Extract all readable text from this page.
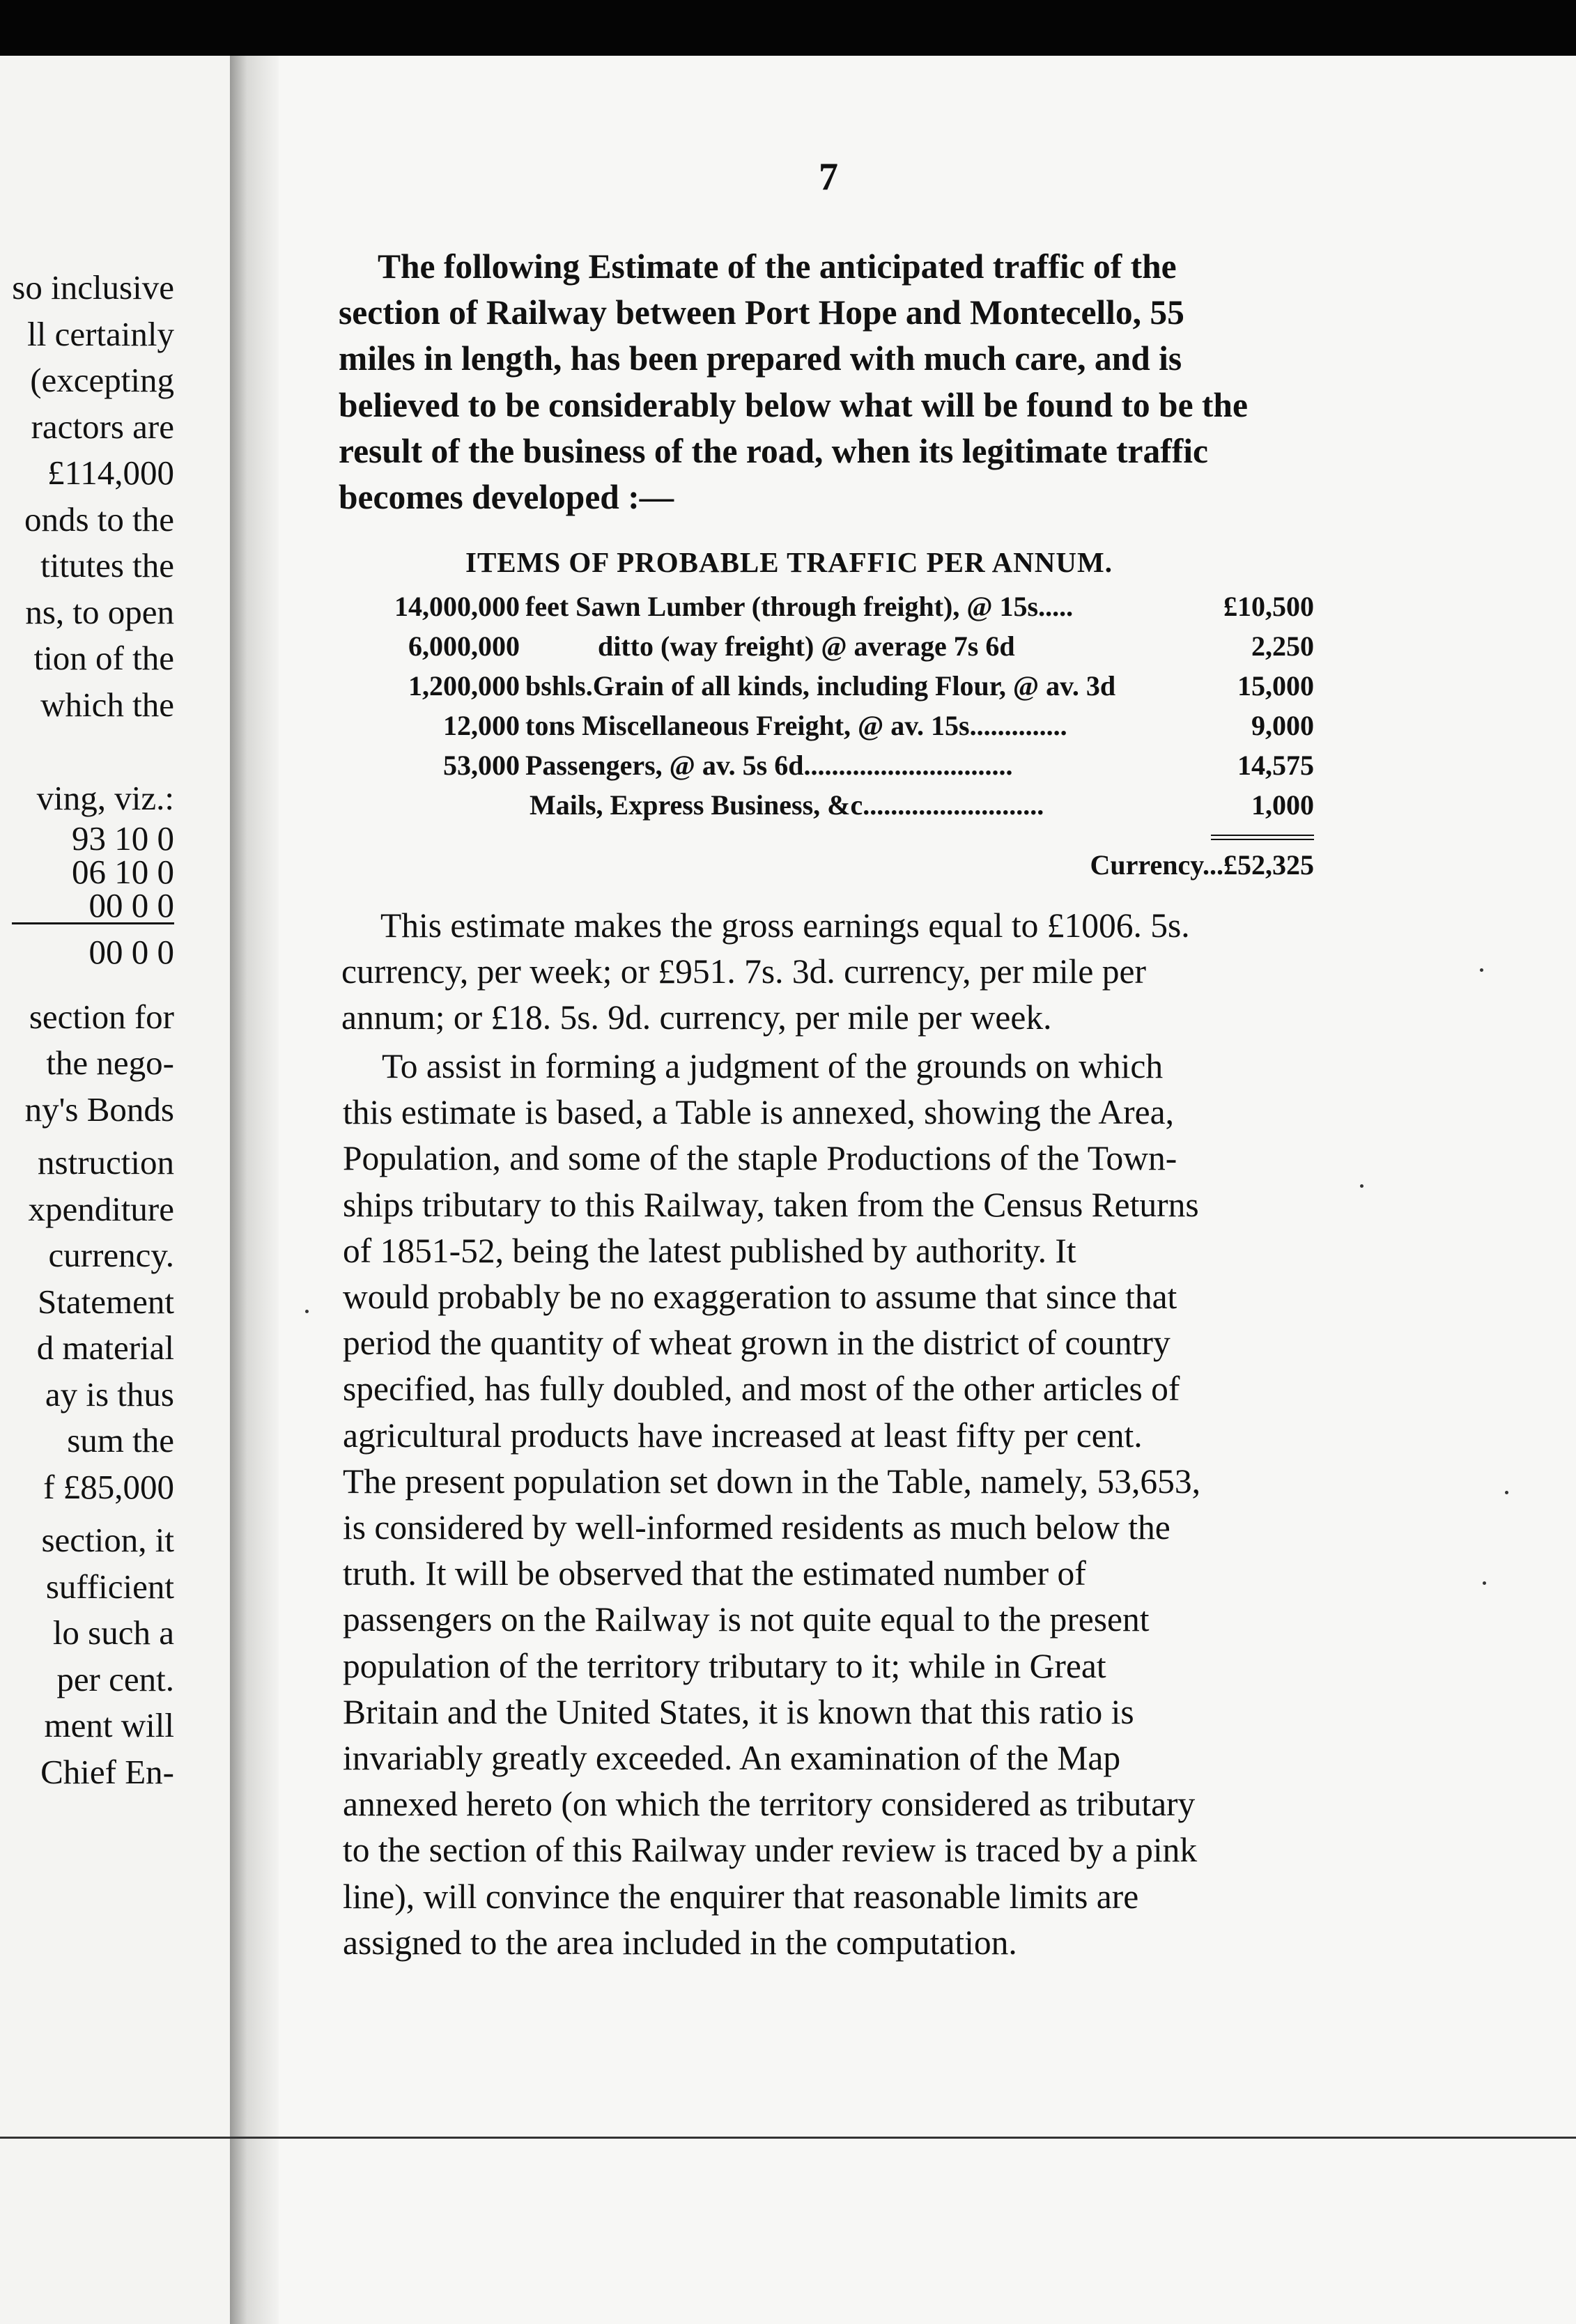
so inclusive
ll certainly
(excepting
ractors are
£114,000
onds to the
titutes the
ns, to open
tion of the
which the
ving, viz.:
93 10 0
06 10 0
00 0 0
00 0 0
section for
the nego-
ny's Bonds
nstruction
xpenditure
currency.
Statement
d material
ay is thus
sum the
f £85,000
section, it
sufficient
lo such a
per cent.
ment will
Chief En-
7
The following Estimate of the anticipated traffic of the
section of Railway between Port Hope and Montecello, 55
miles in length, has been prepared with much care, and is
believed to be considerably below what will be found to be the
result of the business of the road, when its legitimate traffic
becomes developed :—
ITEMS OF PROBABLE TRAFFIC PER ANNUM.
14,000,000 feet Sawn Lumber (through freight), @ 15s.....	£10,500
6,000,000	ditto (way freight) @ average 7s 6d	2,250
1,200,000 bshls.Grain of all kinds, including Flour, @ av. 3d	15,000
12,000 tons Miscellaneous Freight, @ av. 15s..............	9,000
53,000 Passengers, @ av. 5s 6d..............................	14,575
Mails, Express Business, &c..........................	1,000
Currency...£52,325
This estimate makes the gross earnings equal to £1006. 5s.
currency, per week; or £951. 7s. 3d. currency, per mile per
annum; or £18. 5s. 9d. currency, per mile per week.
To assist in forming a judgment of the grounds on which
this estimate is based, a Table is annexed, showing the Area,
Population, and some of the staple Productions of the Town-
ships tributary to this Railway, taken from the Census Returns
of 1851-52, being the latest published by authority. It
would probably be no exaggeration to assume that since that
period the quantity of wheat grown in the district of country
specified, has fully doubled, and most of the other articles of
agricultural products have increased at least fifty per cent.
The present population set down in the Table, namely, 53,653,
is considered by well-informed residents as much below the
truth. It will be observed that the estimated number of
passengers on the Railway is not quite equal to the present
population of the territory tributary to it; while in Great
Britain and the United States, it is known that this ratio is
invariably greatly exceeded. An examination of the Map
annexed hereto (on which the territory considered as tributary
to the section of this Railway under review is traced by a pink
line), will convince the enquirer that reasonable limits are
assigned to the area included in the computation.
